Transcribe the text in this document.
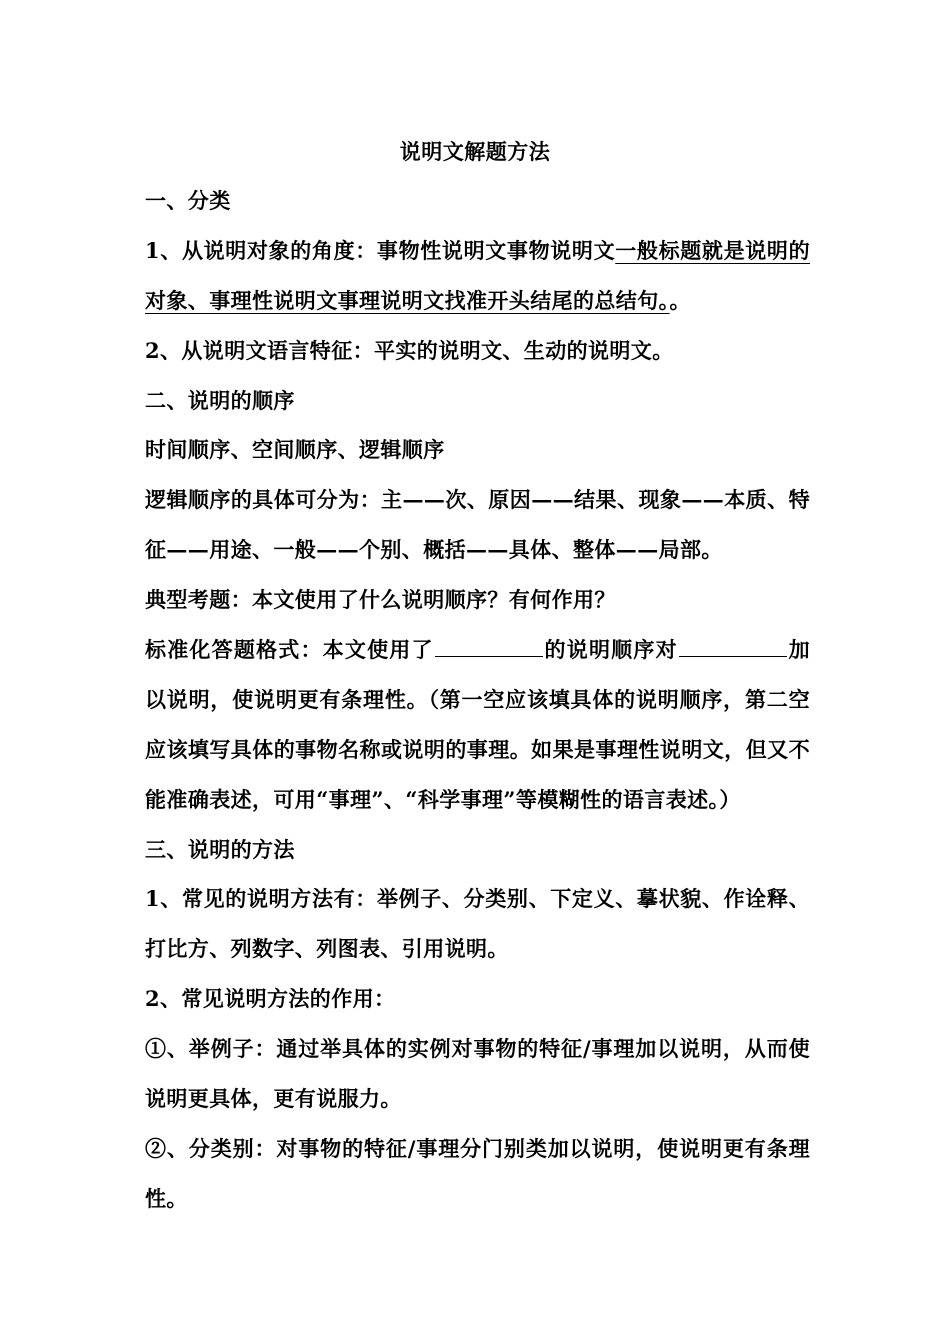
说明文解题方法
一、分类
1、从说明对象的角度：事物性说明文事物说明文一般标题就是说明的对象、事理性说明文事理说明文找准开头结尾的总结句。。
2、从说明文语言特征：平实的说明文、生动的说明文。
二、说明的顺序
时间顺序、空间顺序、逻辑顺序
逻辑顺序的具体可分为：主——次、原因——结果、现象——本质、特征——用途、一般——个别、概括——具体、整体——局部。
典型考题：本文使用了什么说明顺序？有何作用？
标准化答题格式：本文使用了	的说明顺序对	加以说明，使说明更有条理性。（第一空应该填具体的说明顺序，第二空应该填写具体的事物名称或说明的事理。如果是事理性说明文，但又不能准确表述，可用“事理”、“科学事理”等模糊性的语言表述。）
三、说明的方法
1、常见的说明方法有：举例子、分类别、下定义、摹状貌、作诠释、打比方、列数字、列图表、引用说明。
2、常见说明方法的作用：
①、举例子：通过举具体的实例对事物的特征/事理加以说明，从而使说明更具体，更有说服力。
②、分类别：对事物的特征/事理分门别类加以说明，使说明更有条理性。
